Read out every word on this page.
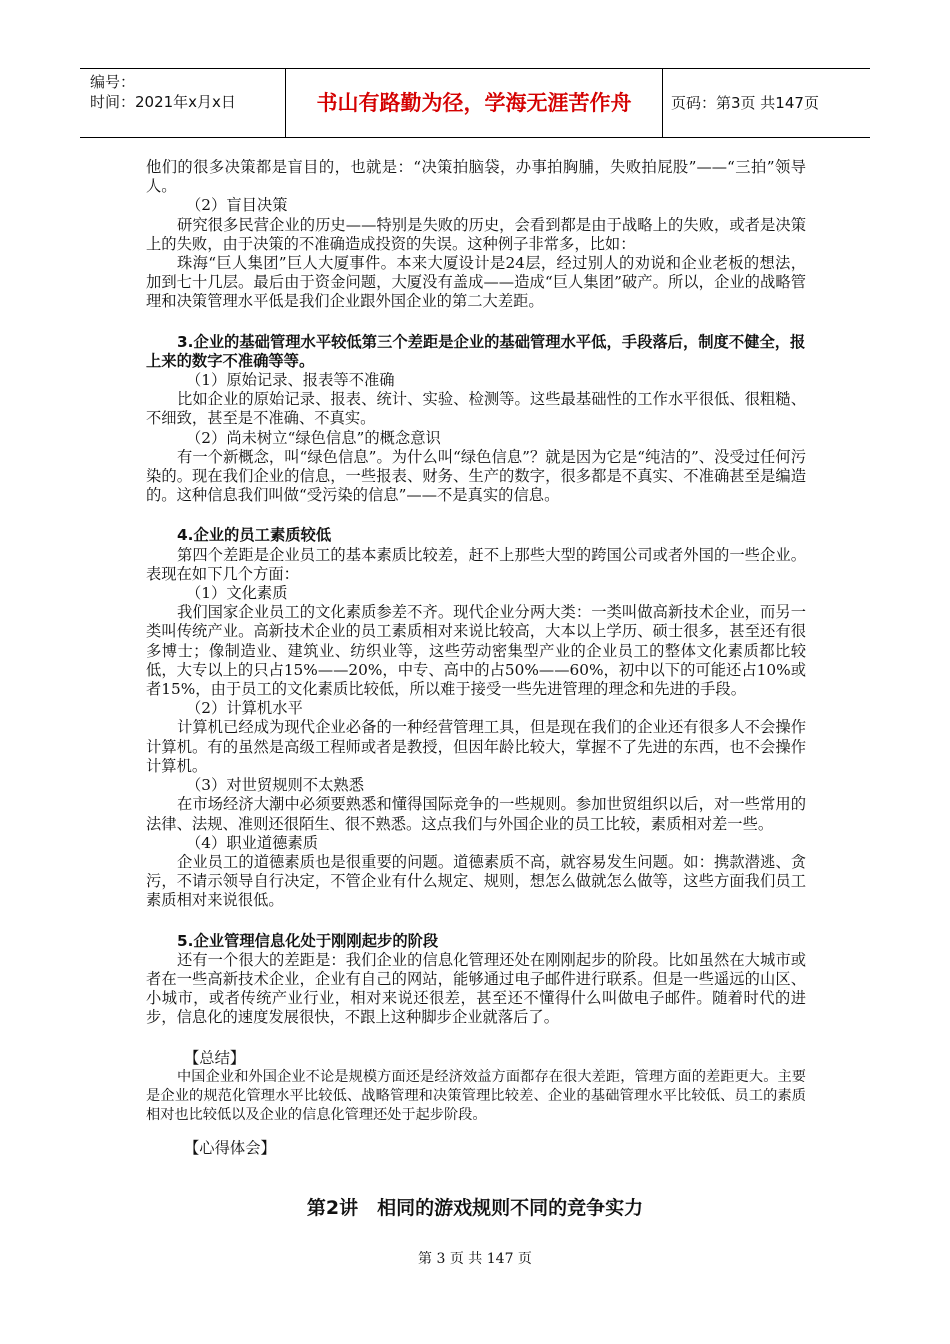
编号：
时间：2021年x月x日	书山有路勤为径，学海无涯苦作舟	页码：第3页 共147页

他们的很多决策都是盲目的，也就是：“决策拍脑袋，办事拍胸脯，失败拍屁股”——“三拍”领导人。

（2）盲目决策

研究很多民营企业的历史——特别是失败的历史，会看到都是由于战略上的失败，或者是决策上的失败，由于决策的不准确造成投资的失误。这种例子非常多，比如：

珠海“巨人集团”巨人大厦事件。本来大厦设计是24层，经过别人的劝说和企业老板的想法，加到七十几层。最后由于资金问题，大厦没有盖成——造成“巨人集团”破产。所以，企业的战略管理和决策管理水平低是我们企业跟外国企业的第二大差距。

3.企业的基础管理水平较低第三个差距是企业的基础管理水平低，手段落后，制度不健全，报上来的数字不准确等等。

（1）原始记录、报表等不准确

比如企业的原始记录、报表、统计、实验、检测等。这些最基础性的工作水平很低、很粗糙、不细致，甚至是不准确、不真实。

（2）尚未树立“绿色信息”的概念意识

有一个新概念，叫“绿色信息”。为什么叫“绿色信息”？就是因为它是“纯洁的”、没受过任何污染的。现在我们企业的信息，一些报表、财务、生产的数字，很多都是不真实、不准确甚至是编造的。这种信息我们叫做“受污染的信息”——不是真实的信息。

4.企业的员工素质较低

第四个差距是企业员工的基本素质比较差，赶不上那些大型的跨国公司或者外国的一些企业。表现在如下几个方面：

（1）文化素质

我们国家企业员工的文化素质参差不齐。现代企业分两大类：一类叫做高新技术企业，而另一类叫传统产业。高新技术企业的员工素质相对来说比较高，大本以上学历、硕士很多，甚至还有很多博士；像制造业、建筑业、纺织业等，这些劳动密集型产业的企业员工的整体文化素质都比较低，大专以上的只占15%——20%，中专、高中的占50%——60%，初中以下的可能还占10%或者15%，由于员工的文化素质比较低，所以难于接受一些先进管理的理念和先进的手段。

（2）计算机水平

计算机已经成为现代企业必备的一种经营管理工具，但是现在我们的企业还有很多人不会操作计算机。有的虽然是高级工程师或者是教授，但因年龄比较大，掌握不了先进的东西，也不会操作计算机。

（3）对世贸规则不太熟悉

在市场经济大潮中必须要熟悉和懂得国际竞争的一些规则。参加世贸组织以后，对一些常用的法律、法规、准则还很陌生、很不熟悉。这点我们与外国企业的员工比较，素质相对差一些。

（4）职业道德素质

企业员工的道德素质也是很重要的问题。道德素质不高，就容易发生问题。如：携款潜逃、贪污，不请示领导自行决定，不管企业有什么规定、规则，想怎么做就怎么做等，这些方面我们员工素质相对来说很低。

5.企业管理信息化处于刚刚起步的阶段

还有一个很大的差距是：我们企业的信息化管理还处在刚刚起步的阶段。比如虽然在大城市或者在一些高新技术企业，企业有自己的网站，能够通过电子邮件进行联系。但是一些遥远的山区、小城市，或者传统产业行业，相对来说还很差，甚至还不懂得什么叫做电子邮件。随着时代的进步，信息化的速度发展很快，不跟上这种脚步企业就落后了。

【总结】

中国企业和外国企业不论是规模方面还是经济效益方面都存在很大差距，管理方面的差距更大。主要是企业的规范化管理水平比较低、战略管理和决策管理比较差、企业的基础管理水平比较低、员工的素质相对也比较低以及企业的信息化管理还处于起步阶段。

【心得体会】

第2讲　相同的游戏规则不同的竞争实力
第 3 页 共 147 页
